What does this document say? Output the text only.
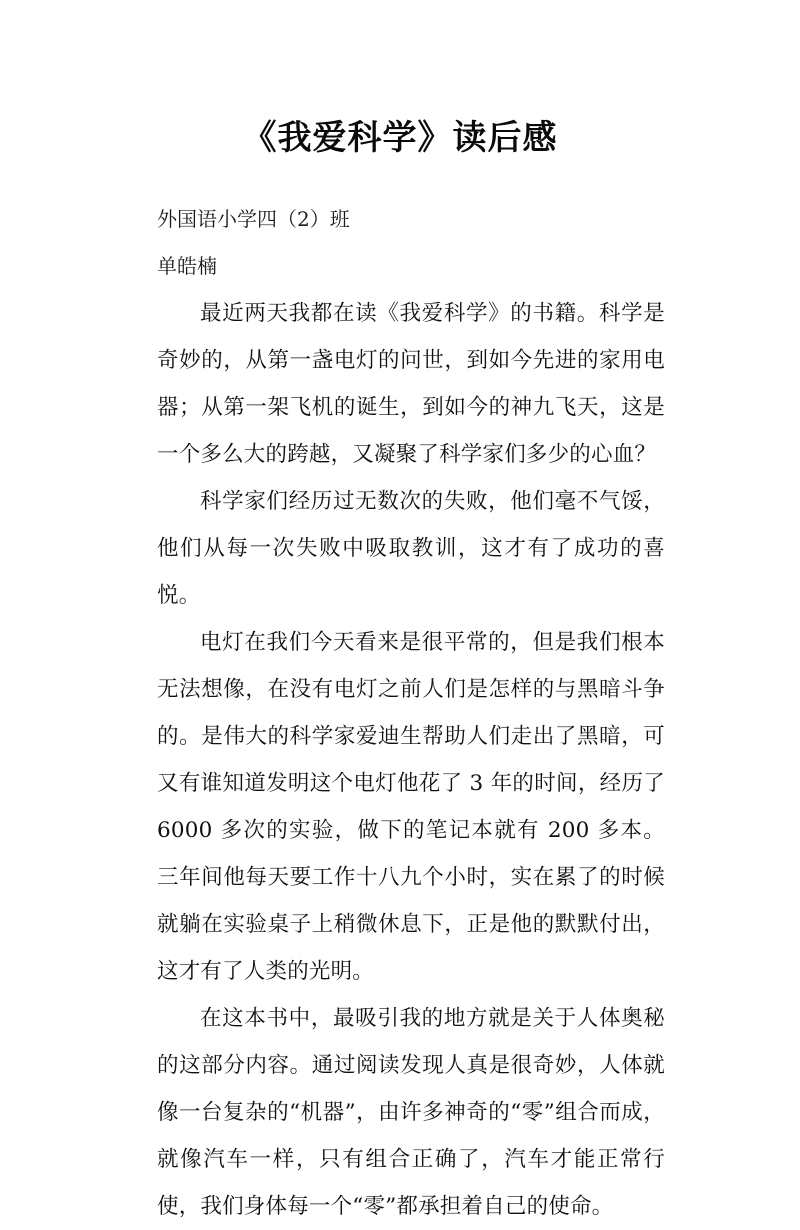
《我爱科学》读后感
外国语小学四（2）班
单皓楠

最近两天我都在读《我爱科学》的书籍。科学是奇妙的，从第一盏电灯的问世，到如今先进的家用电器；从第一架飞机的诞生，到如今的神九飞天，这是一个多么大的跨越，又凝聚了科学家们多少的心血？

科学家们经历过无数次的失败，他们毫不气馁，他们从每一次失败中吸取教训，这才有了成功的喜悦。

电灯在我们今天看来是很平常的，但是我们根本无法想像，在没有电灯之前人们是怎样的与黑暗斗争的。是伟大的科学家爱迪生帮助人们走出了黑暗，可又有谁知道发明这个电灯他花了 3 年的时间，经历了 6000 多次的实验，做下的笔记本就有 200 多本。三年间他每天要工作十八九个小时，实在累了的时候就躺在实验桌子上稍微休息下，正是他的默默付出，这才有了人类的光明。

在这本书中，最吸引我的地方就是关于人体奥秘的这部分内容。通过阅读发现人真是很奇妙，人体就像一台复杂的“机器”，由许多神奇的“零”组合而成，就像汽车一样，只有组合正确了，汽车才能正常行使，我们身体每一个“零”都承担着自己的使命。
